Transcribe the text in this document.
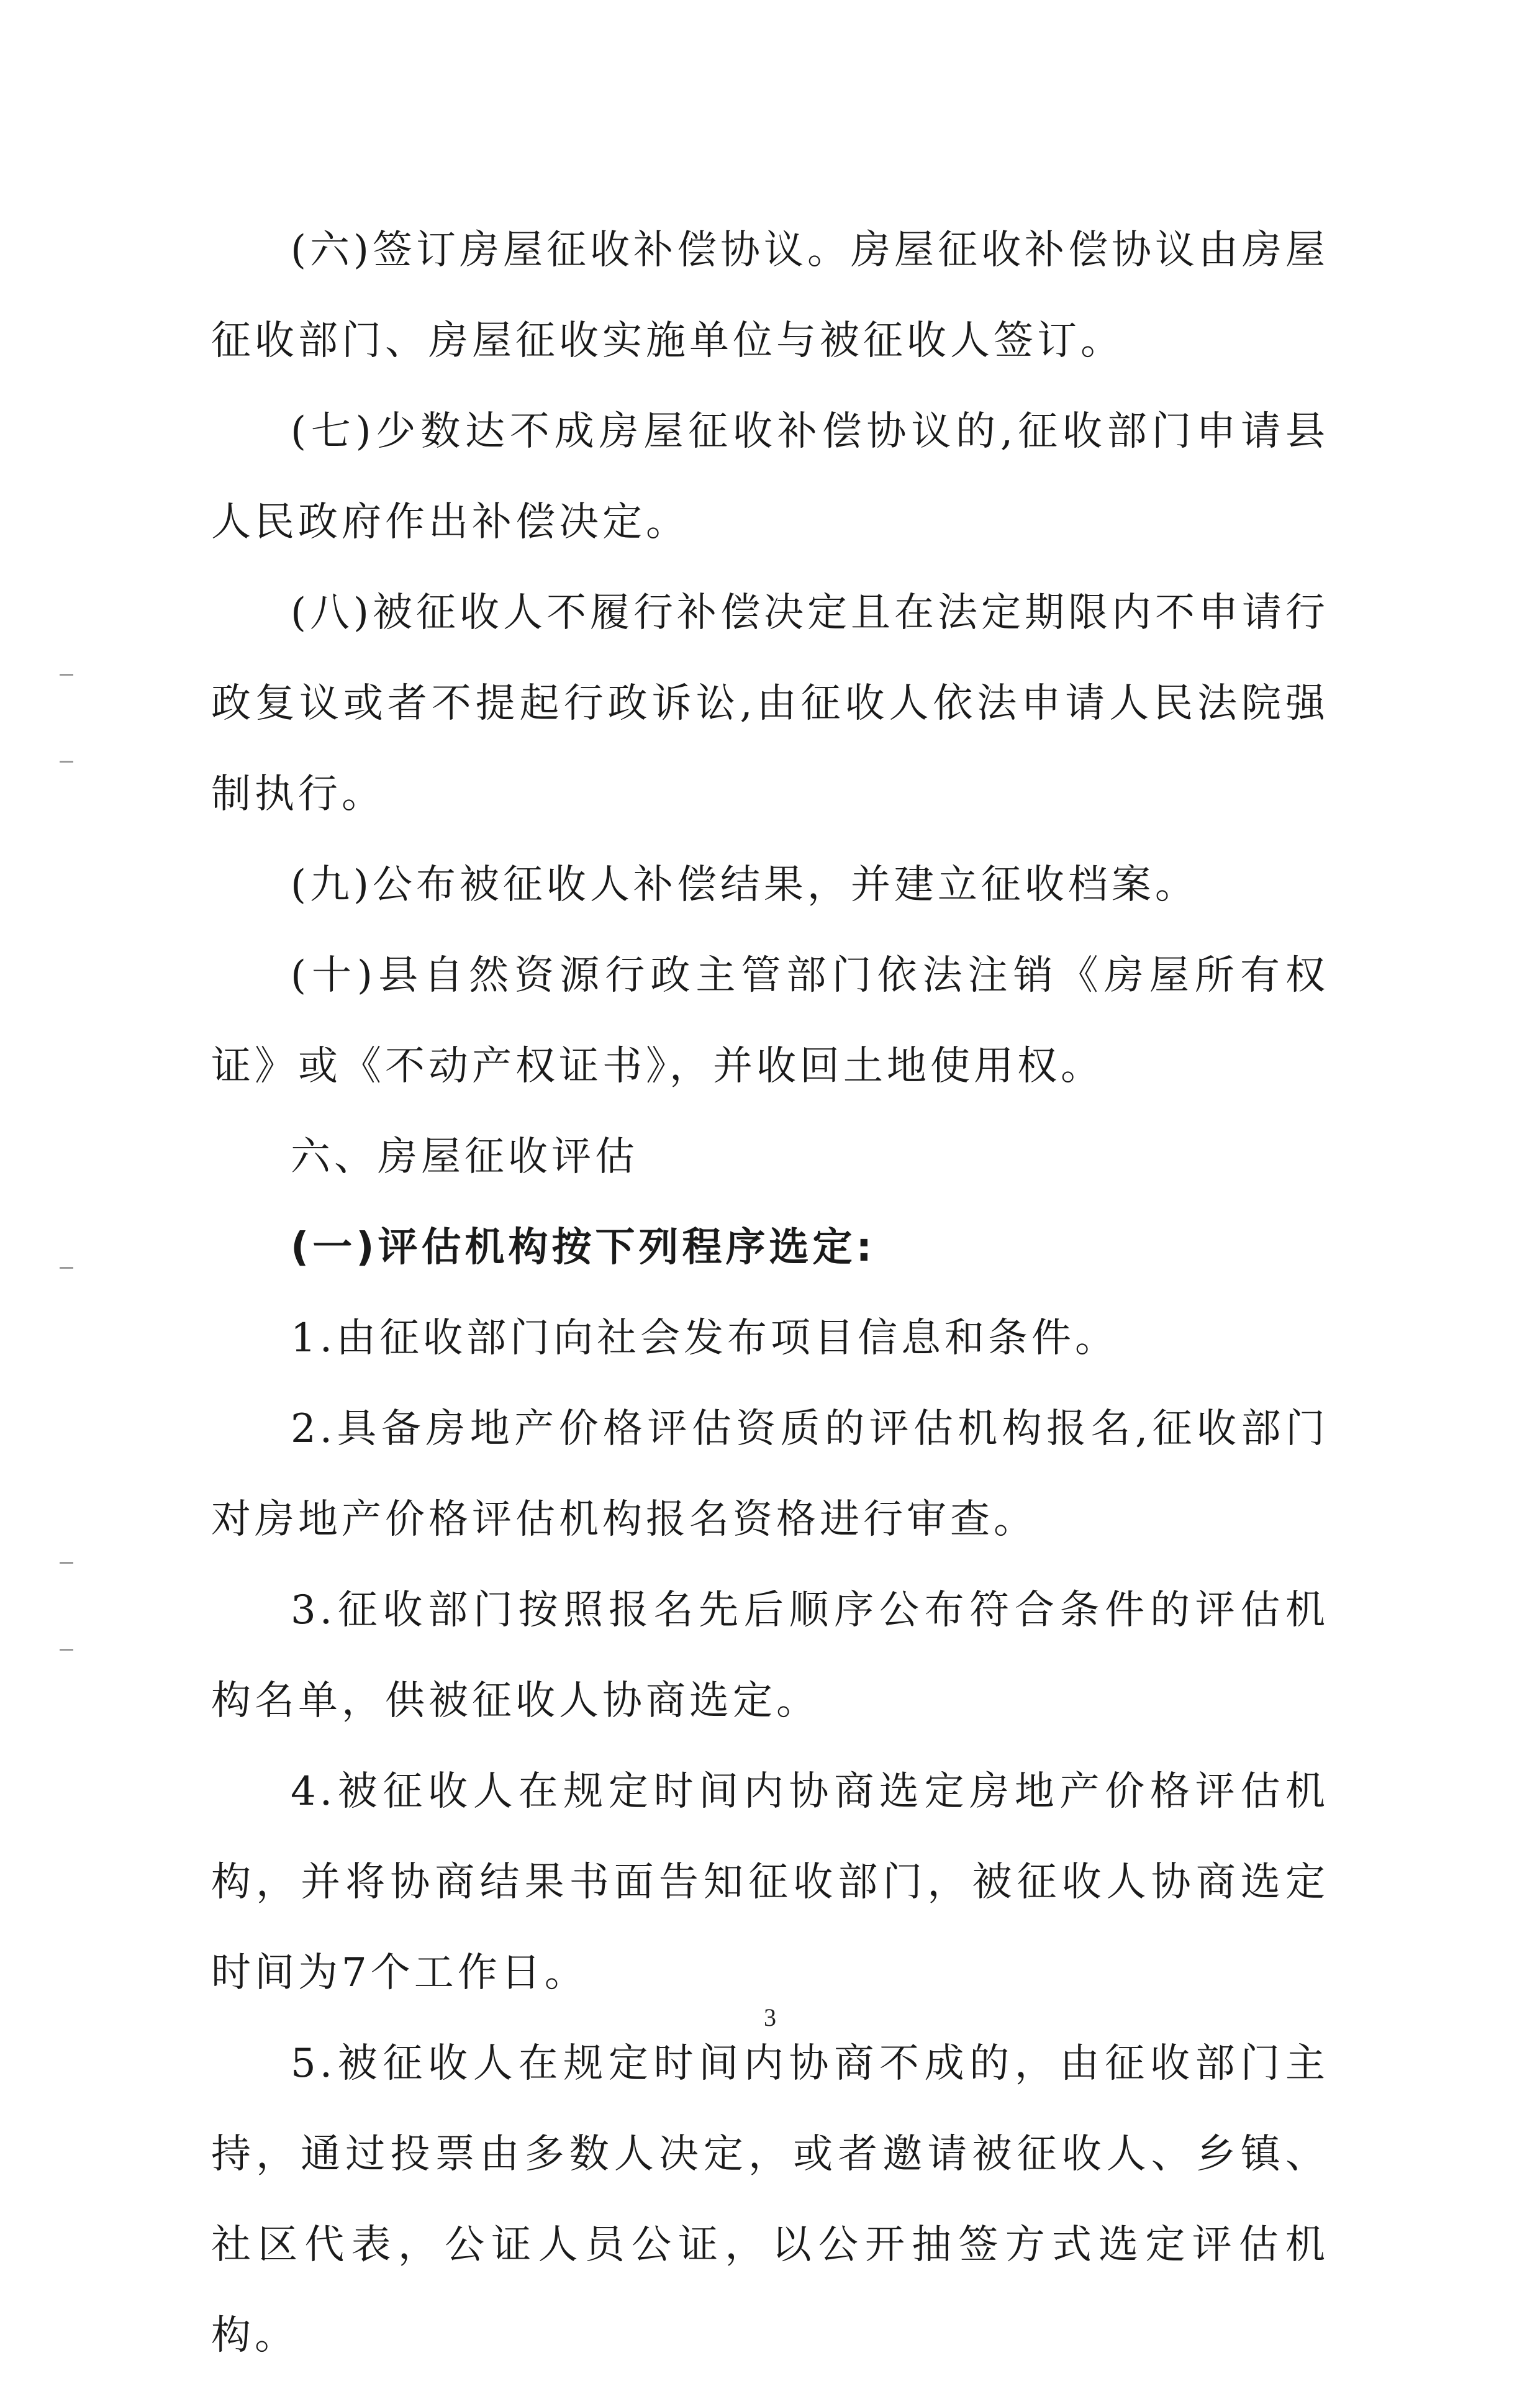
(六)签订房屋征收补偿协议。房屋征收补偿协议由房屋征收部门、房屋征收实施单位与被征收人签订。

(七)少数达不成房屋征收补偿协议的,征收部门申请县人民政府作出补偿决定。

(八)被征收人不履行补偿决定且在法定期限内不申请行政复议或者不提起行政诉讼,由征收人依法申请人民法院强制执行。

(九)公布被征收人补偿结果，并建立征收档案。

(十)县自然资源行政主管部门依法注销《房屋所有权证》或《不动产权证书》，并收回土地使用权。

六、房屋征收评估

(一)评估机构按下列程序选定:

1.由征收部门向社会发布项目信息和条件。

2.具备房地产价格评估资质的评估机构报名,征收部门对房地产价格评估机构报名资格进行审查。

3.征收部门按照报名先后顺序公布符合条件的评估机构名单，供被征收人协商选定。

4.被征收人在规定时间内协商选定房地产价格评估机构，并将协商结果书面告知征收部门，被征收人协商选定时间为7个工作日。

5.被征收人在规定时间内协商不成的，由征收部门主持，通过投票由多数人决定，或者邀请被征收人、乡镇、社区代表，公证人员公证，以公开抽签方式选定评估机构。

3
